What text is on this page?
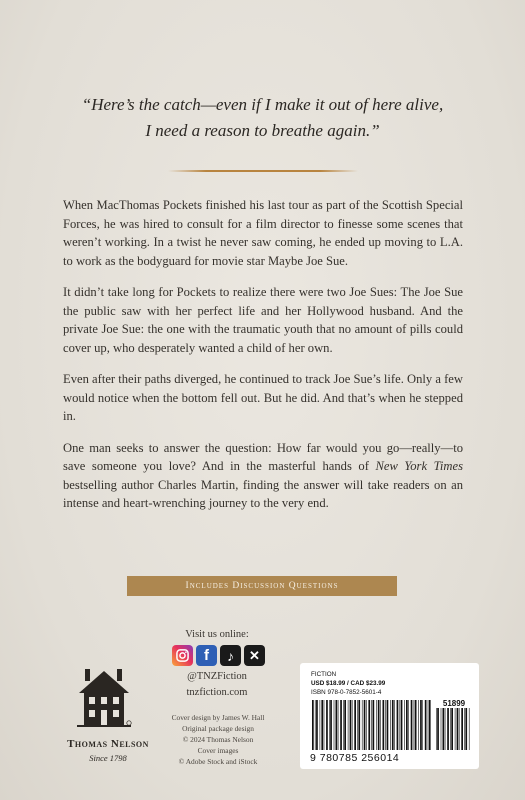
“Here’s the catch—even if I make it out of here alive,
I need a reason to breathe again.”

When MacThomas Pockets finished his last tour as part of the Scottish Special Forces, he was hired to consult for a film director to finesse some scenes that weren’t working. In a twist he never saw coming, he ended up moving to L.A. to work as the bodyguard for movie star Maybe Joe Sue.

It didn’t take long for Pockets to realize there were two Joe Sues: The Joe Sue the public saw with her perfect life and her Hollywood husband. And the private Joe Sue: the one with the traumatic youth that no amount of pills could cover up, who desperately wanted a child of her own.

Even after their paths diverged, he continued to track Joe Sue’s life. Only a few would notice when the bottom fell out. But he did. And that’s when he stepped in.

One man seeks to answer the question: How far would you go—really—to save someone you love? And in the masterful hands of New York Times bestselling author Charles Martin, finding the answer will take readers on an intense and heart-wrenching journey to the very end.

Includes Discussion Questions
Visit us online:
f	♪	✕
@TNZFiction
tnzfiction.com
Cover design by James W. Hall
Original package design
© 2024 Thomas Nelson
Cover images
© Adobe Stock and iStock
Thomas Nelson
Since 1798
FICTION
USD $18.99 / CAD $23.99
ISBN 978-0-7852-5601-4
51899
9 780785 256014
